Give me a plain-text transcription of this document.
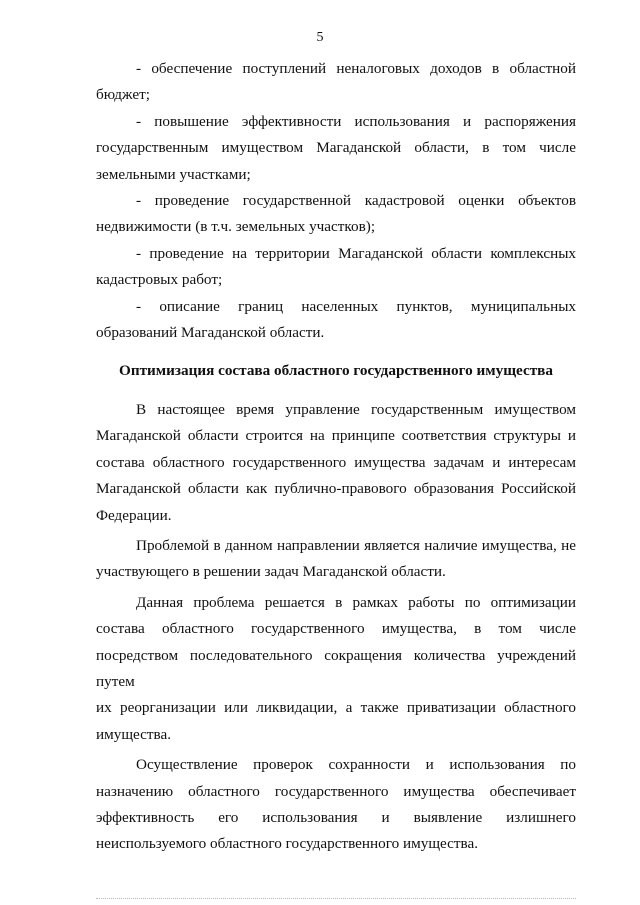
5

- обеспечение поступлений неналоговых доходов в областной бюджет;

- повышение эффективности использования и распоряжения государственным имуществом Магаданской области, в том числе земельными участками;

- проведение государственной кадастровой оценки объектов недвижимости (в т.ч. земельных участков);

- проведение на территории Магаданской области комплексных кадастровых работ;

- описание границ населенных пунктов, муниципальных образований Магаданской области.

Оптимизация состава областного государственного имущества

В настоящее время управление государственным имуществом Магаданской области строится на принципе соответствия структуры и состава областного государственного имущества задачам и интересам Магаданской области как публично-правового образования Российской Федерации.

Проблемой в данном направлении является наличие имущества, не участвующего в решении задач Магаданской области.

Данная проблема решается в рамках работы по оптимизации состава областного государственного имущества, в том числе посредством последовательного сокращения количества учреждений путем

их реорганизации или ликвидации, а также приватизации областного имущества.

Осуществление проверок сохранности и использования по назначению областного государственного имущества обеспечивает эффективность его использования и выявление излишнего неиспользуемого областного государственного имущества.
